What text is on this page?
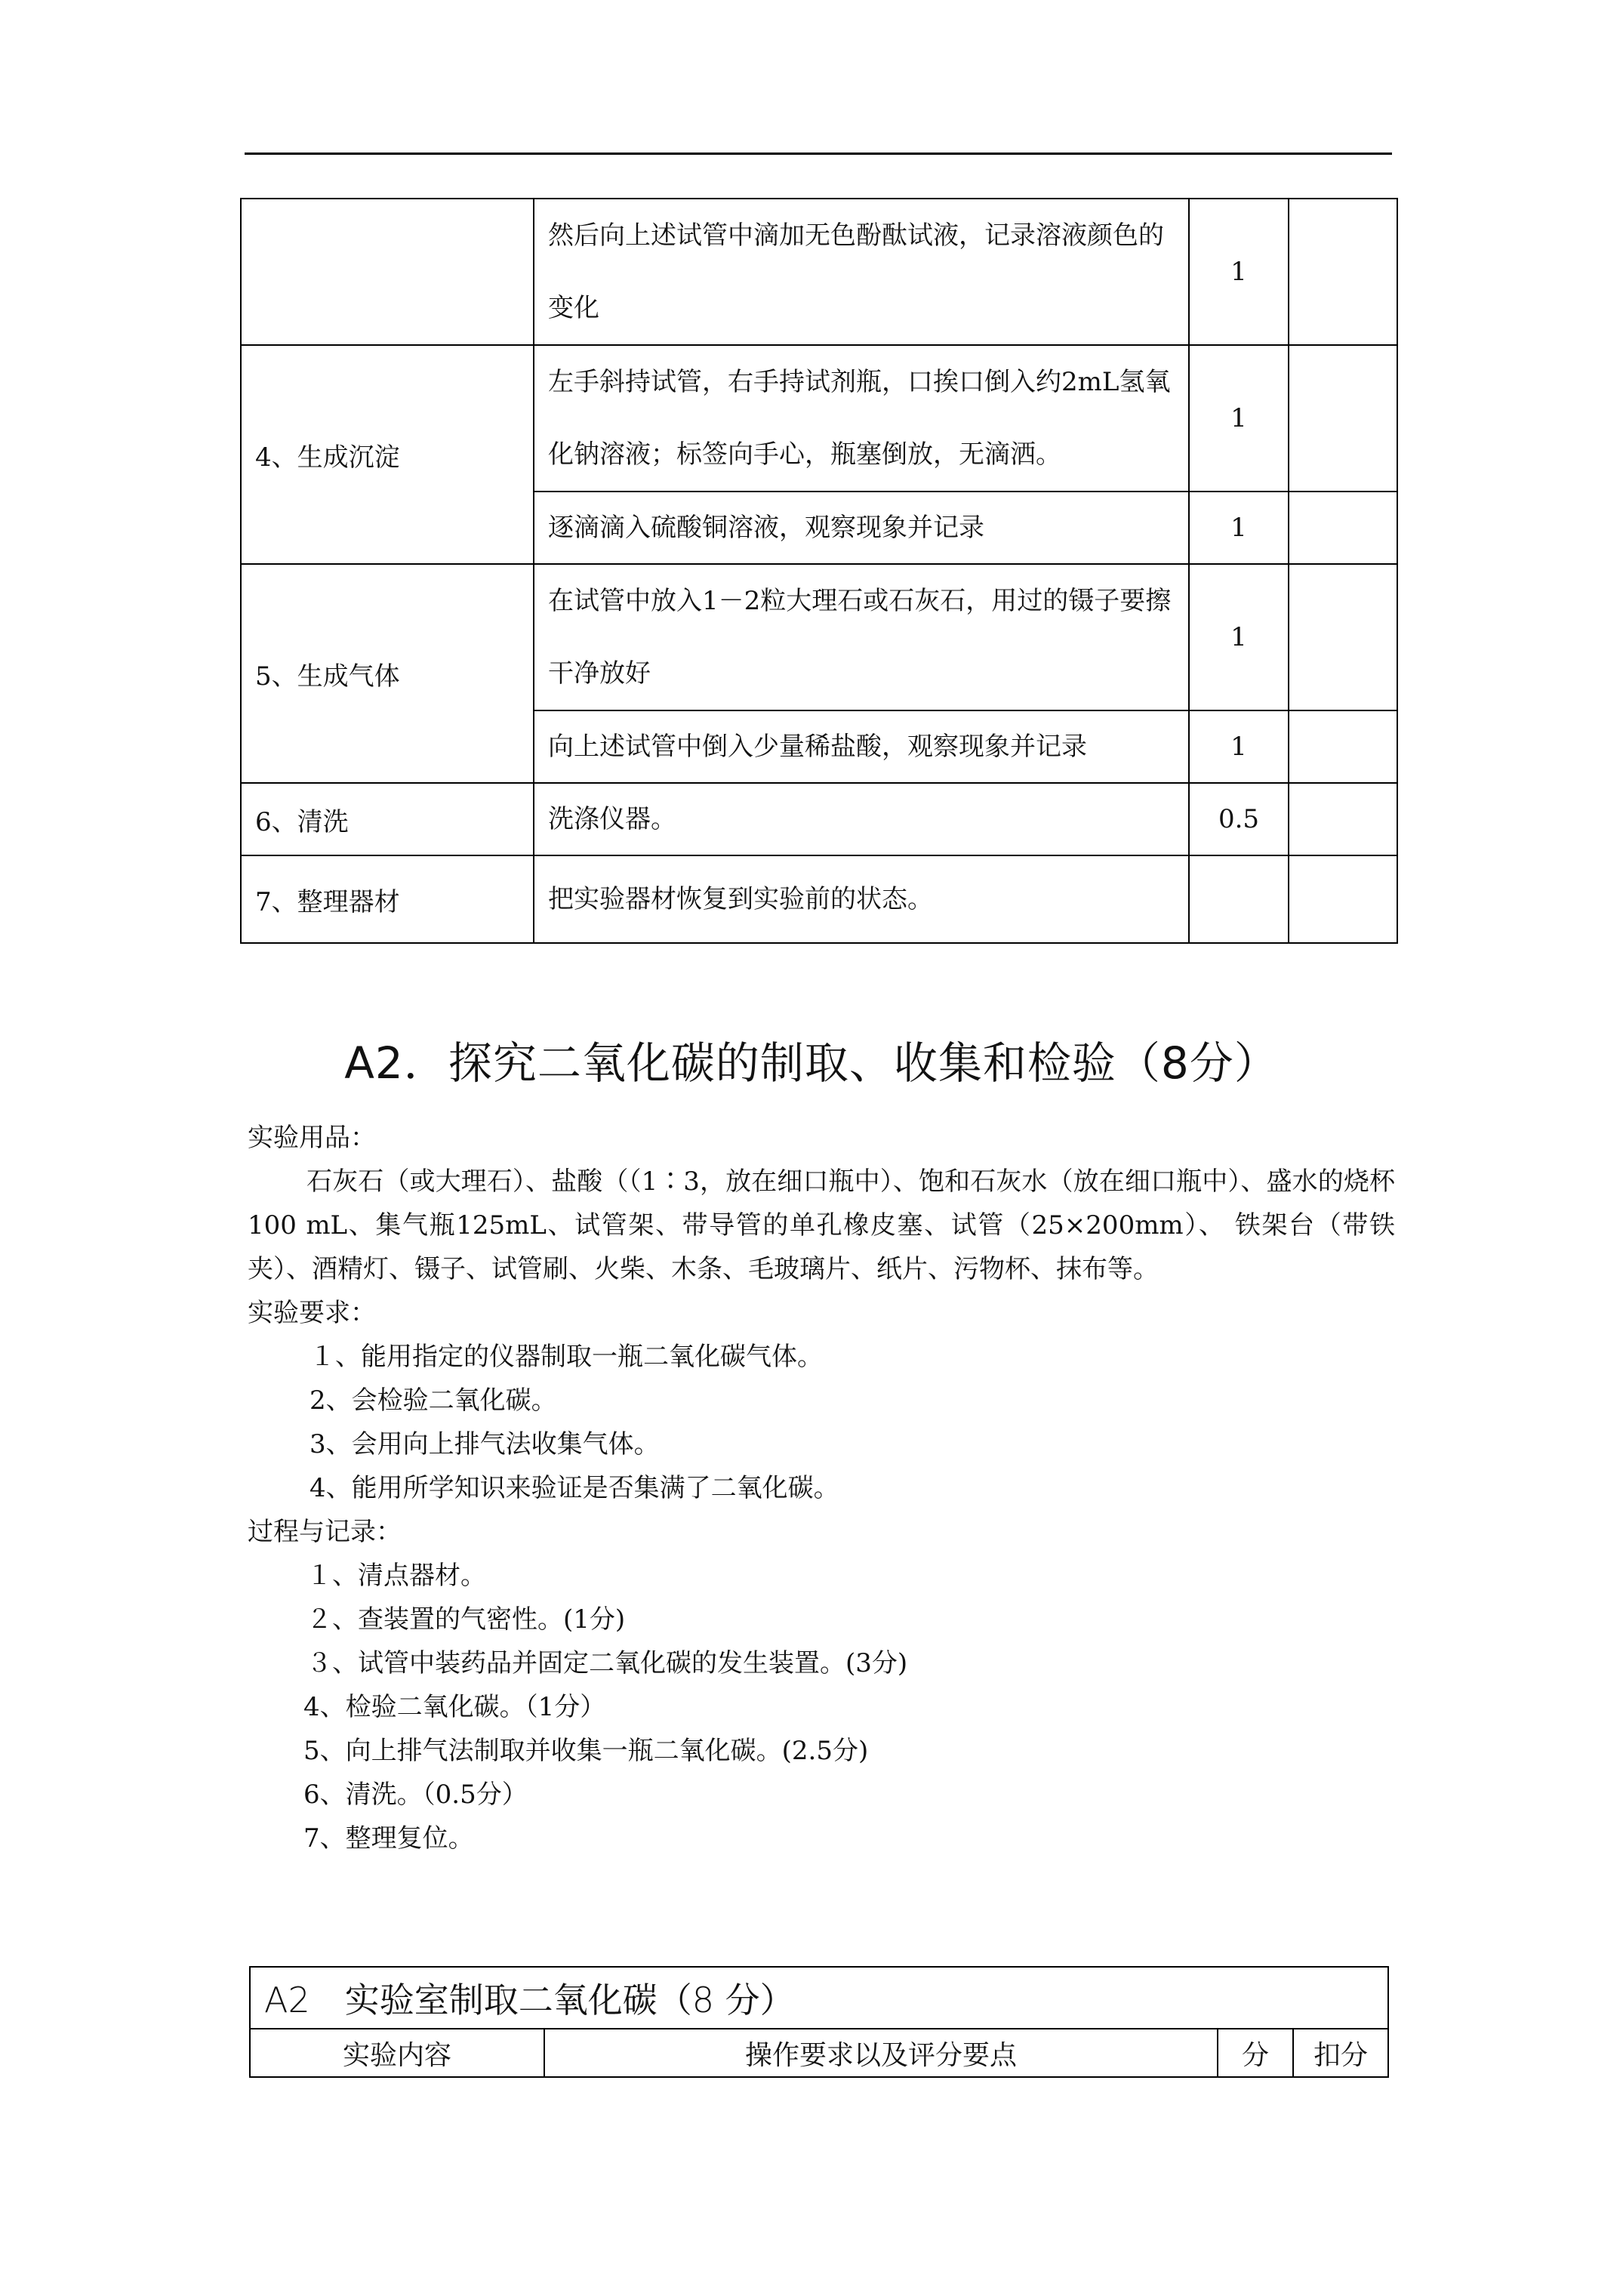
	然后向上述试管中滴加无色酚酞试液，记录溶液颜色的变化	1	
4、生成沉淀	左手斜持试管，右手持试剂瓶，口挨口倒入约2mL氢氧化钠溶液；标签向手心，瓶塞倒放，无滴洒。	1	
	逐滴滴入硫酸铜溶液，观察现象并记录	1	
5、生成气体	在试管中放入1－2粒大理石或石灰石，用过的镊子要擦干净放好	1	
	向上述试管中倒入少量稀盐酸，观察现象并记录	1	
6、清洗	洗涤仪器。	0.5	
7、整理器材	把实验器材恢复到实验前的状态。		
A2．探究二氧化碳的制取、收集和检验（8分）

实验用品：

石灰石（或大理石）、盐酸（（1∶3，放在细口瓶中）、饱和石灰水（放在细口瓶中）、盛水的烧杯100 mL、集气瓶125mL、试管架、带导管的单孔橡皮塞、试管（25×200mm）、 铁架台（带铁夹）、酒精灯、镊子、试管刷、火柴、木条、毛玻璃片、纸片、污物杯、抹布等。

实验要求：

１、能用指定的仪器制取一瓶二氧化碳气体。

2、会检验二氧化碳。

3、会用向上排气法收集气体。

4、能用所学知识来验证是否集满了二氧化碳。

过程与记录：

１、清点器材。

２、查装置的气密性。(1分)

３、试管中装药品并固定二氧化碳的发生装置。(3分)

4、检验二氧化碳。（1分）

5、向上排气法制取并收集一瓶二氧化碳。(2.5分)

6、清洗。（0.5分）

7、整理复位。

A2　实验室制取二氧化碳（8 分）
实验内容	操作要求以及评分要点	分	扣分
